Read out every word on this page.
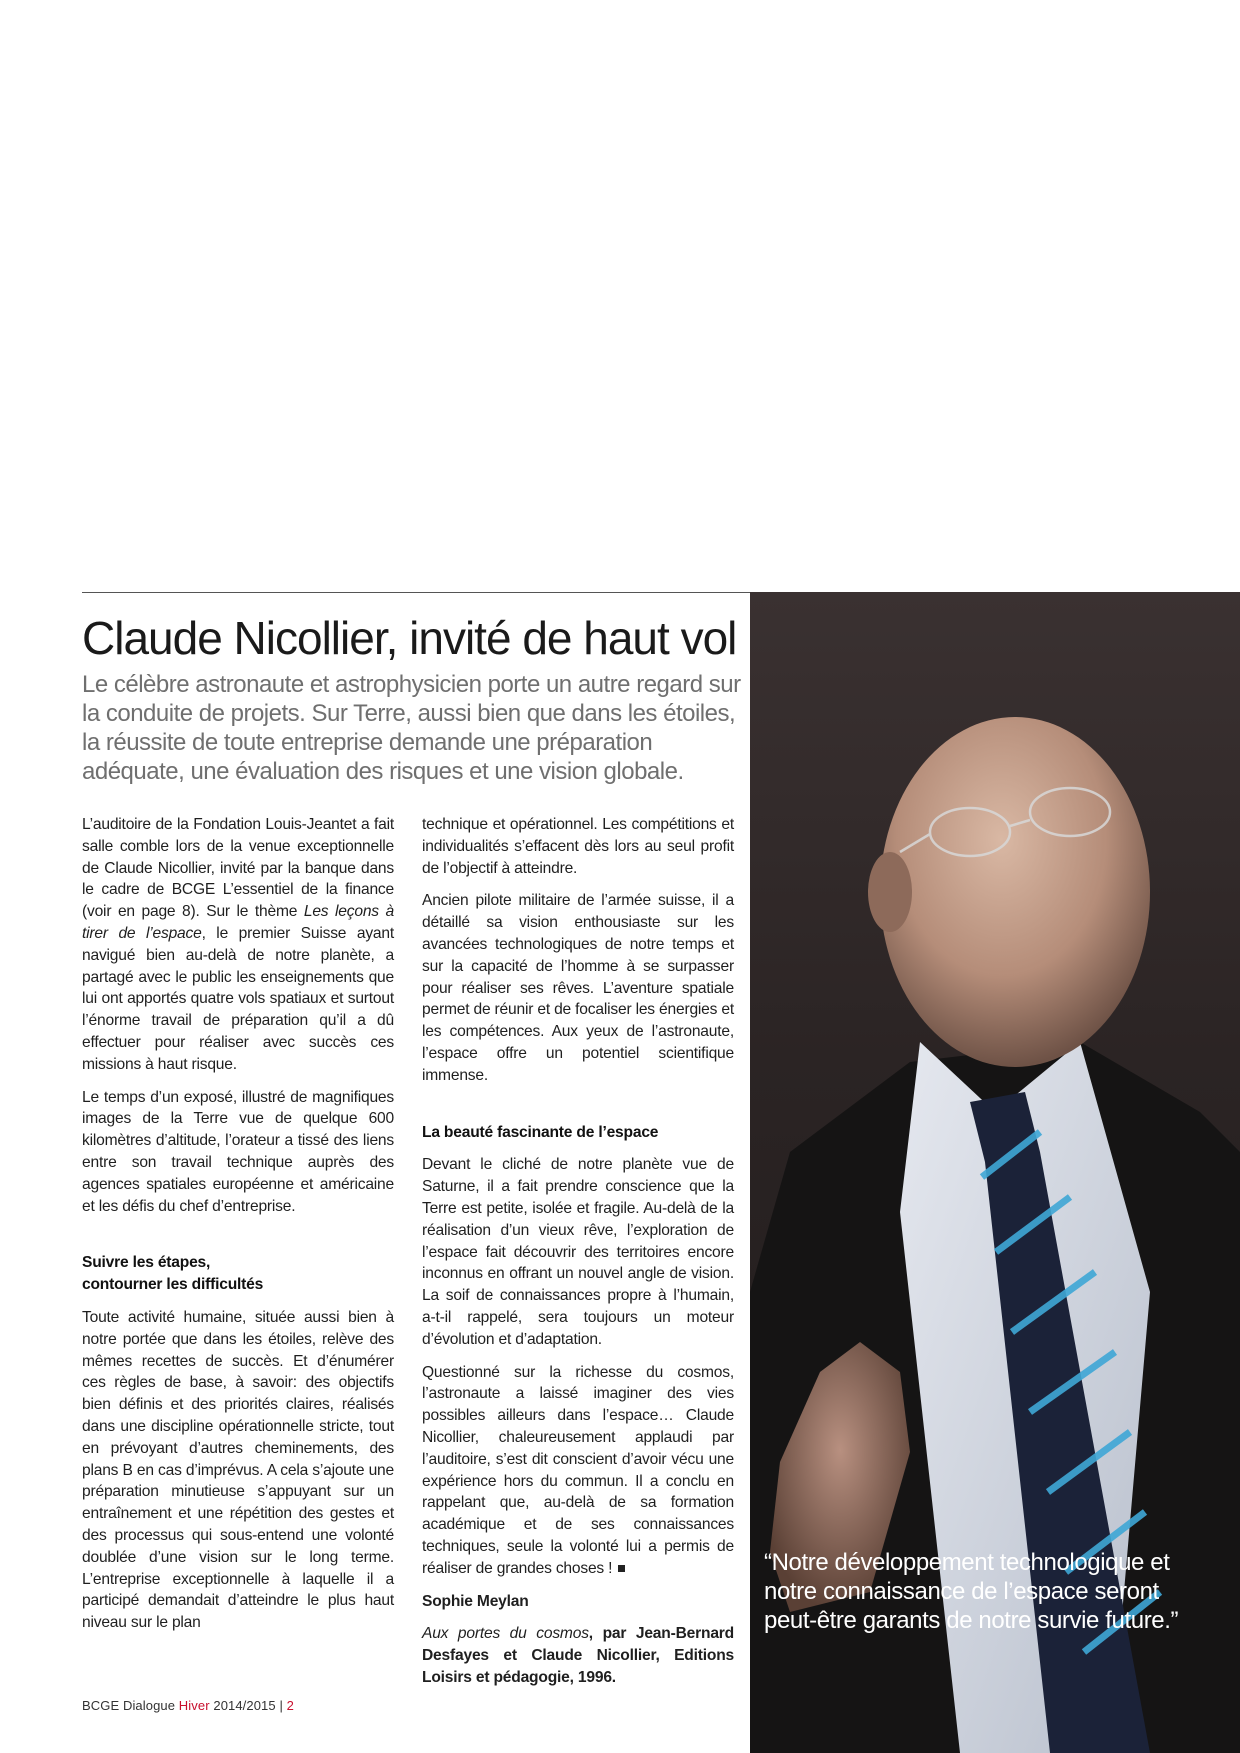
Claude Nicollier, invité de haut vol

Le célèbre astronaute et astrophysicien porte un autre regard sur la conduite de projets. Sur Terre, aussi bien que dans les étoiles, la réussite de toute entreprise demande une préparation adéquate, une évaluation des risques et une vision globale.

L’auditoire de la Fondation Louis-Jeantet a fait salle comble lors de la venue exceptionnelle de Claude Nicollier, invité par la banque dans le cadre de BCGE L’essentiel de la finance (voir en page 8). Sur le thème Les leçons à tirer de l’espace, le premier Suisse ayant navigué bien au-delà de notre planète, a partagé avec le public les enseignements que lui ont apportés quatre vols spatiaux et surtout l’énorme travail de préparation qu’il a dû effectuer pour réaliser avec succès ces missions à haut risque.

Le temps d’un exposé, illustré de magnifiques images de la Terre vue de quelque 600 kilomètres d’altitude, l’orateur a tissé des liens entre son travail technique auprès des agences spatiales européenne et américaine et les défis du chef d’entreprise.

Suivre les étapes,
contourner les difficultés

Toute activité humaine, située aussi bien à notre portée que dans les étoiles, relève des mêmes recettes de succès. Et d’énumérer ces règles de base, à savoir: des objectifs bien définis et des priorités claires, réalisés dans une discipline opérationnelle stricte, tout en prévoyant d’autres cheminements, des plans B en cas d’imprévus. A cela s’ajoute une préparation minutieuse s’appuyant sur un entraînement et une répétition des gestes et des processus qui sous-entend une volonté doublée d’une vision sur le long terme. L’entreprise exceptionnelle à laquelle il a participé demandait d’atteindre le plus haut niveau sur le plan

technique et opérationnel. Les compétitions et individualités s’effacent dès lors au seul profit de l’objectif à atteindre.

Ancien pilote militaire de l’armée suisse, il a détaillé sa vision enthousiaste sur les avancées technologiques de notre temps et sur la capacité de l’homme à se surpasser pour réaliser ses rêves. L’aventure spatiale permet de réunir et de focaliser les énergies et les compétences. Aux yeux de l’astronaute, l’espace offre un potentiel scientifique immense.

La beauté fascinante de l’espace

Devant le cliché de notre planète vue de Saturne, il a fait prendre conscience que la Terre est petite, isolée et fragile. Au-delà de la réalisation d’un vieux rêve, l’exploration de l’espace fait découvrir des territoires encore inconnus en offrant un nouvel angle de vision. La soif de connaissances propre à l’humain, a-t-il rappelé, sera toujours un moteur d’évolution et d’adaptation.

Questionné sur la richesse du cosmos, l’astronaute a laissé imaginer des vies possibles ailleurs dans l’espace… Claude Nicollier, chaleureusement applaudi par l’auditoire, s’est dit conscient d’avoir vécu une expérience hors du commun. Il a conclu en rappelant que, au-delà de sa formation académique et de ses connaissances techniques, seule la volonté lui a permis de réaliser de grandes choses !

Sophie Meylan

Aux portes du cosmos, par Jean-Bernard Desfayes et Claude Nicollier, Editions Loisirs et pédagogie, 1996.

“Notre développement technologique et notre connaissance de l’espace seront peut-être garants de notre survie future.”

BCGE Dialogue Hiver 2014/2015 | 2
